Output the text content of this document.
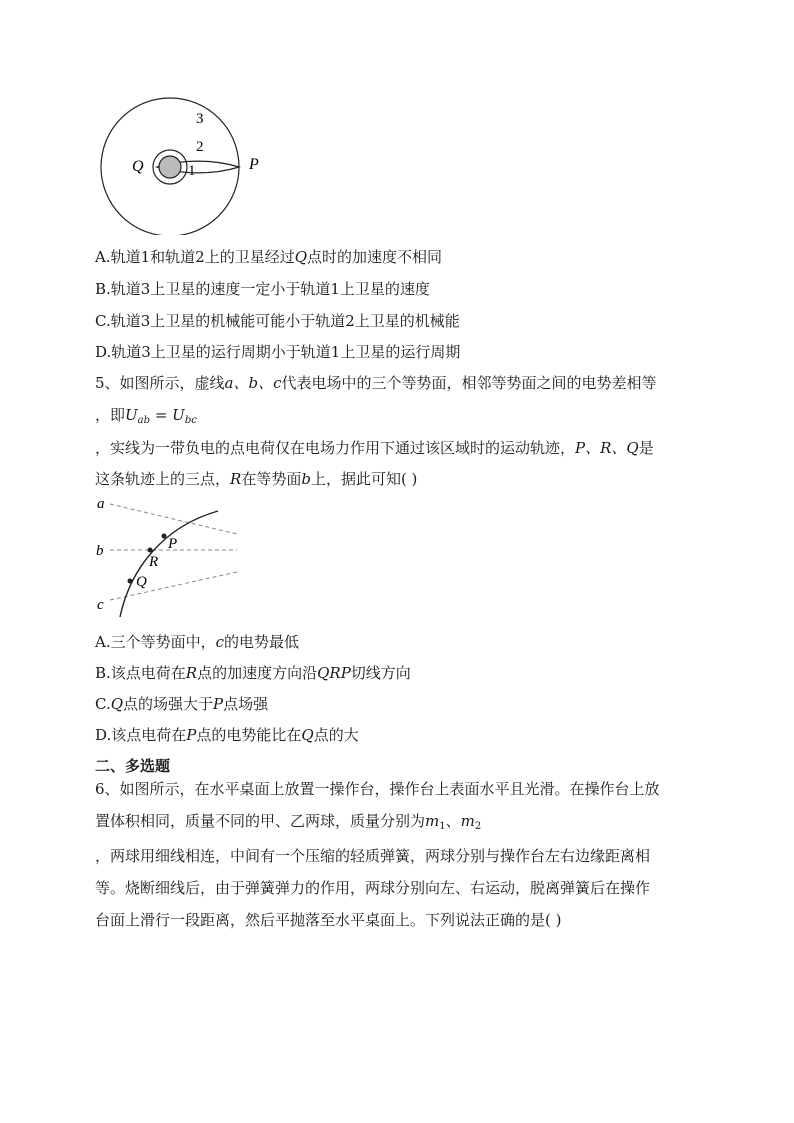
3
2
1
Q	P
A.轨道1和轨道2上的卫星经过Q点时的加速度不相同
B.轨道3上卫星的速度一定小于轨道1上卫星的速度
C.轨道3上卫星的机械能可能小于轨道2上卫星的机械能
D.轨道3上卫星的运行周期小于轨道1上卫星的运行周期
5、如图所示，虚线a、b、c代表电场中的三个等势面，相邻等势面之间的电势差相等
，即$U_{ab} = U_{bc}$
，实线为一带负电的点电荷仅在电场力作用下通过该区域时的运动轨迹，P、R、Q是
这条轨迹上的三点，R在等势面b上，据此可知( )
a
b
c
P
R
Q
A.三个等势面中，c的电势最低
B.该点电荷在R点的加速度方向沿QRP切线方向
C.Q点的场强大于P点场强
D.该点电荷在P点的电势能比在Q点的大
二、多选题
6、如图所示，在水平桌面上放置一操作台，操作台上表面水平且光滑。在操作台上放
置体积相同，质量不同的甲、乙两球，质量分别为$m_1$、$m_2$
，两球用细线相连，中间有一个压缩的轻质弹簧，两球分别与操作台左右边缘距离相
等。烧断细线后，由于弹簧弹力的作用，两球分别向左、右运动，脱离弹簧后在操作
台面上滑行一段距离，然后平抛落至水平桌面上。下列说法正确的是( )
